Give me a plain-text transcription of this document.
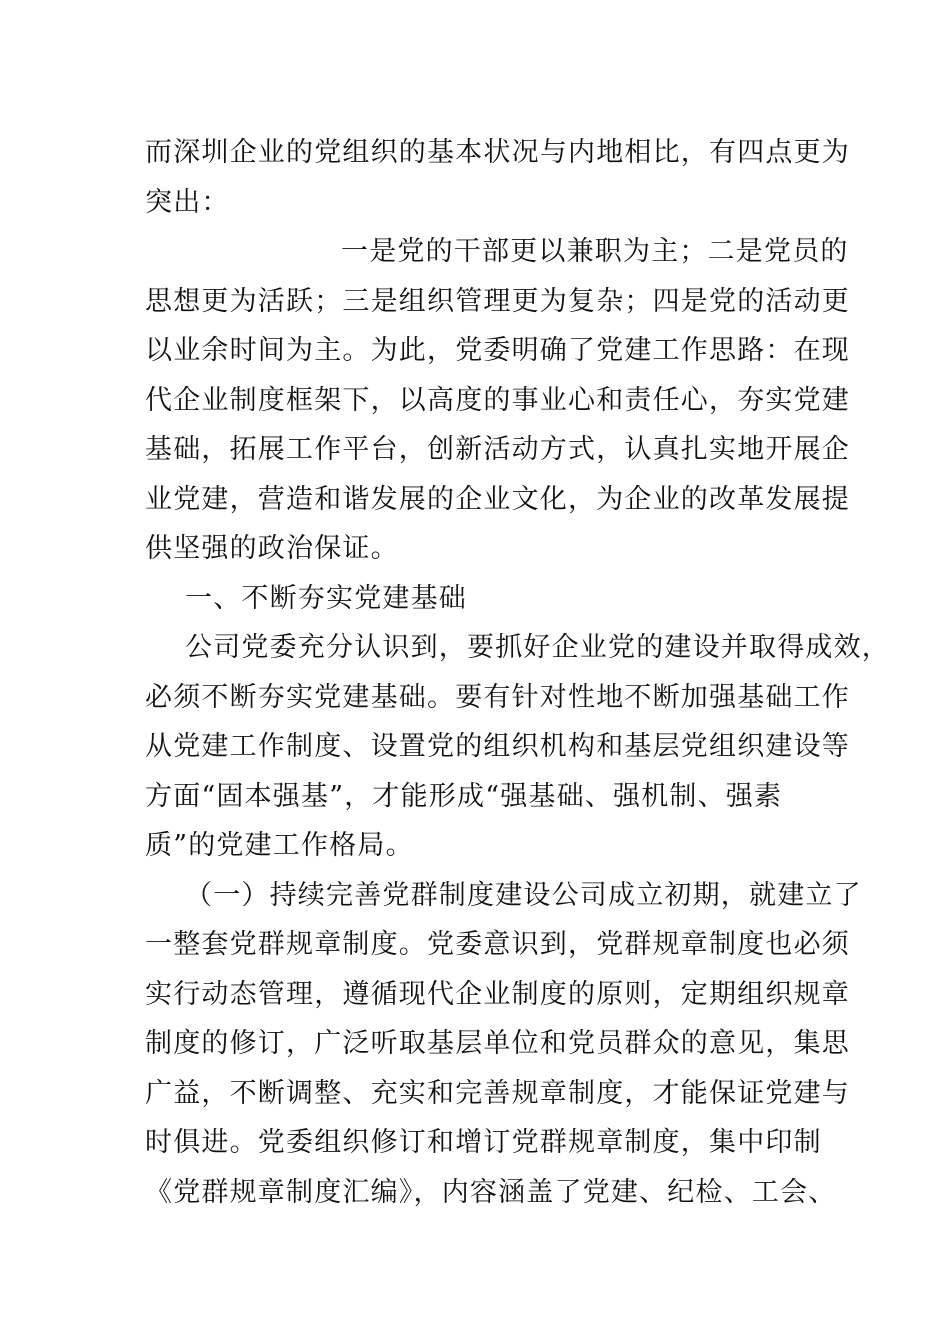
而深圳企业的党组织的基本状况与内地相比，有四点更为
突出：
一是党的干部更以兼职为主；二是党员的
思想更为活跃；三是组织管理更为复杂；四是党的活动更
以业余时间为主。为此，党委明确了党建工作思路：在现
代企业制度框架下，以高度的事业心和责任心，夯实党建
基础，拓展工作平台，创新活动方式，认真扎实地开展企
业党建，营造和谐发展的企业文化，为企业的改革发展提
供坚强的政治保证。
一、不断夯实党建基础
公司党委充分认识到，要抓好企业党的建设并取得成效，
必须不断夯实党建基础。要有针对性地不断加强基础工作
从党建工作制度、设置党的组织机构和基层党组织建设等
方面“固本强基”，才能形成“强基础、强机制、强素
质”的党建工作格局。
（一）持续完善党群制度建设公司成立初期，就建立了
一整套党群规章制度。党委意识到，党群规章制度也必须
实行动态管理，遵循现代企业制度的原则，定期组织规章
制度的修订，广泛听取基层单位和党员群众的意见，集思
广益，不断调整、充实和完善规章制度，才能保证党建与
时俱进。党委组织修订和增订党群规章制度，集中印制
《党群规章制度汇编》，内容涵盖了党建、纪检、工会、
